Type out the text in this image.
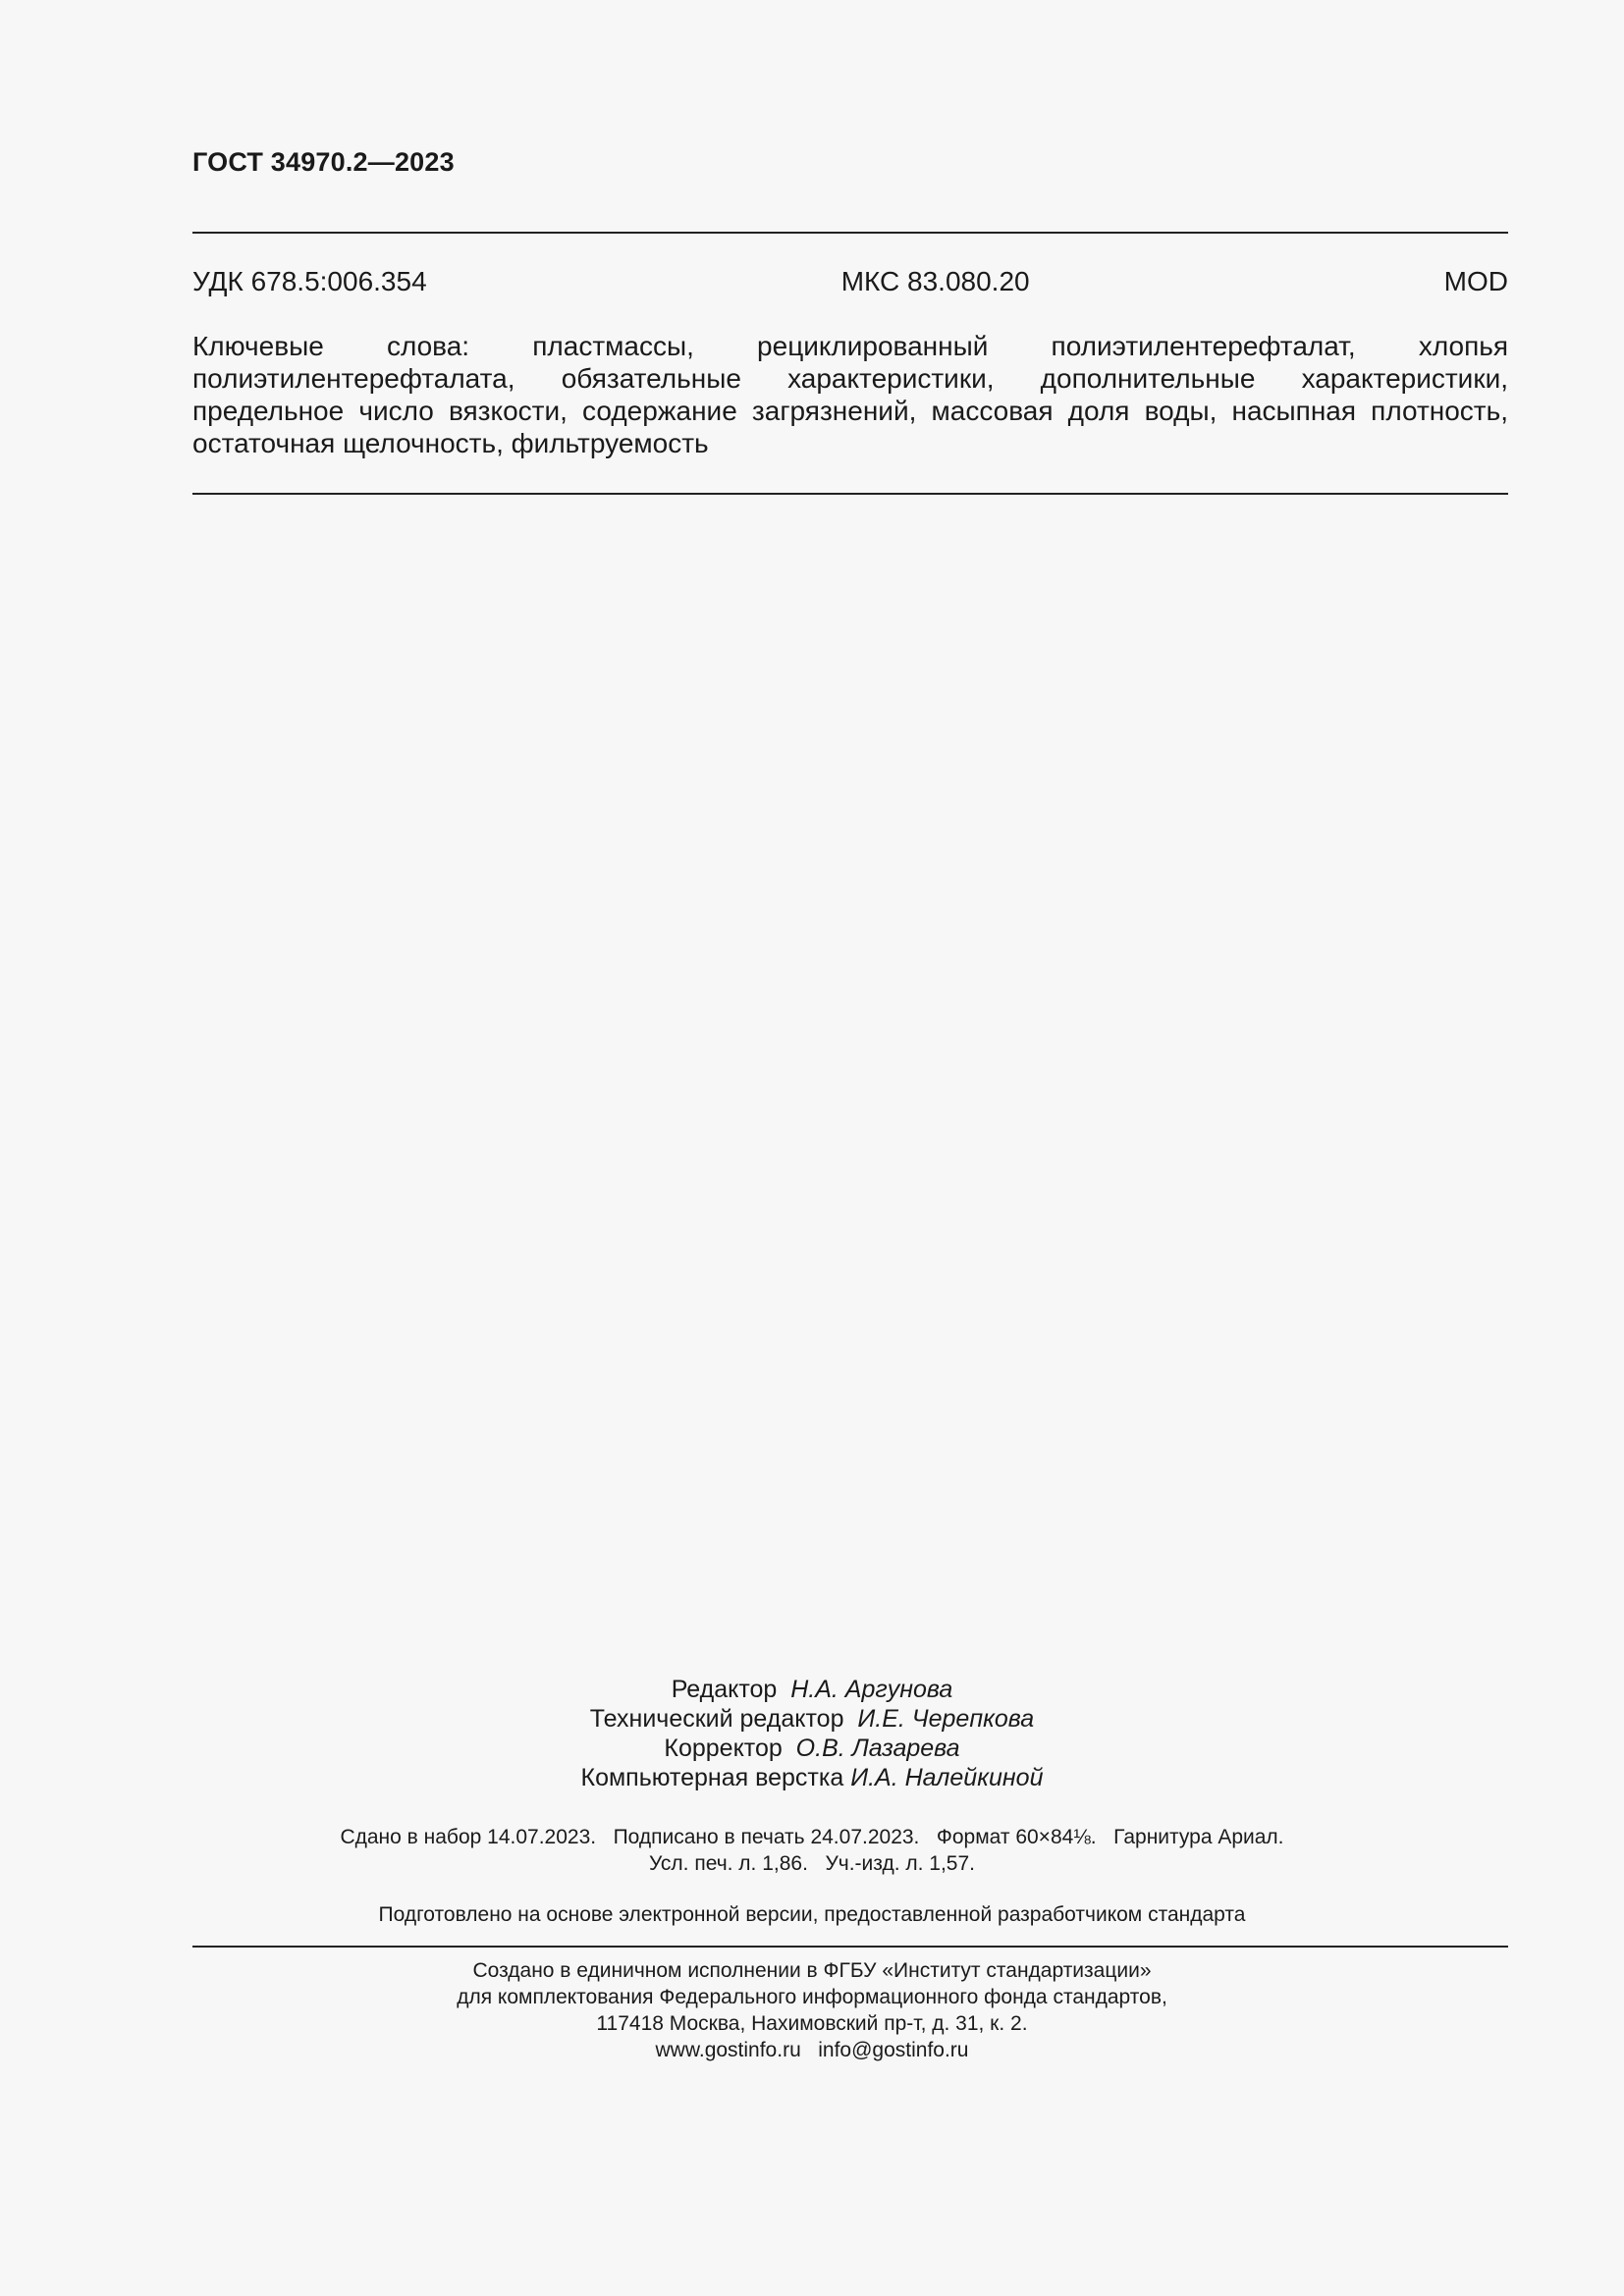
ГОСТ 34970.2—2023
УДК 678.5:006.354	МКС 83.080.20	MOD
Ключевые слова: пластмассы, рециклированный полиэтилентерефталат, хлопья полиэтилентерефталата, обязательные характеристики, дополнительные характеристики, предельное число вязкости, содержание загрязнений, массовая доля воды, насыпная плотность, остаточная щелочность, фильтруемость
Редактор Н.А. Аргунова
Технический редактор И.Е. Черепкова
Корректор О.В. Лазарева
Компьютерная верстка И.А. Налейкиной
Сдано в набор 14.07.2023.   Подписано в печать 24.07.2023.   Формат 60×84⅛.   Гарнитура Ариал.
Усл. печ. л. 1,86.   Уч.-изд. л. 1,57.
Подготовлено на основе электронной версии, предоставленной разработчиком стандарта
Создано в единичном исполнении в ФГБУ «Институт стандартизации»
для комплектования Федерального информационного фонда стандартов,
117418 Москва, Нахимовский пр-т, д. 31, к. 2.
www.gostinfo.ru   info@gostinfo.ru
